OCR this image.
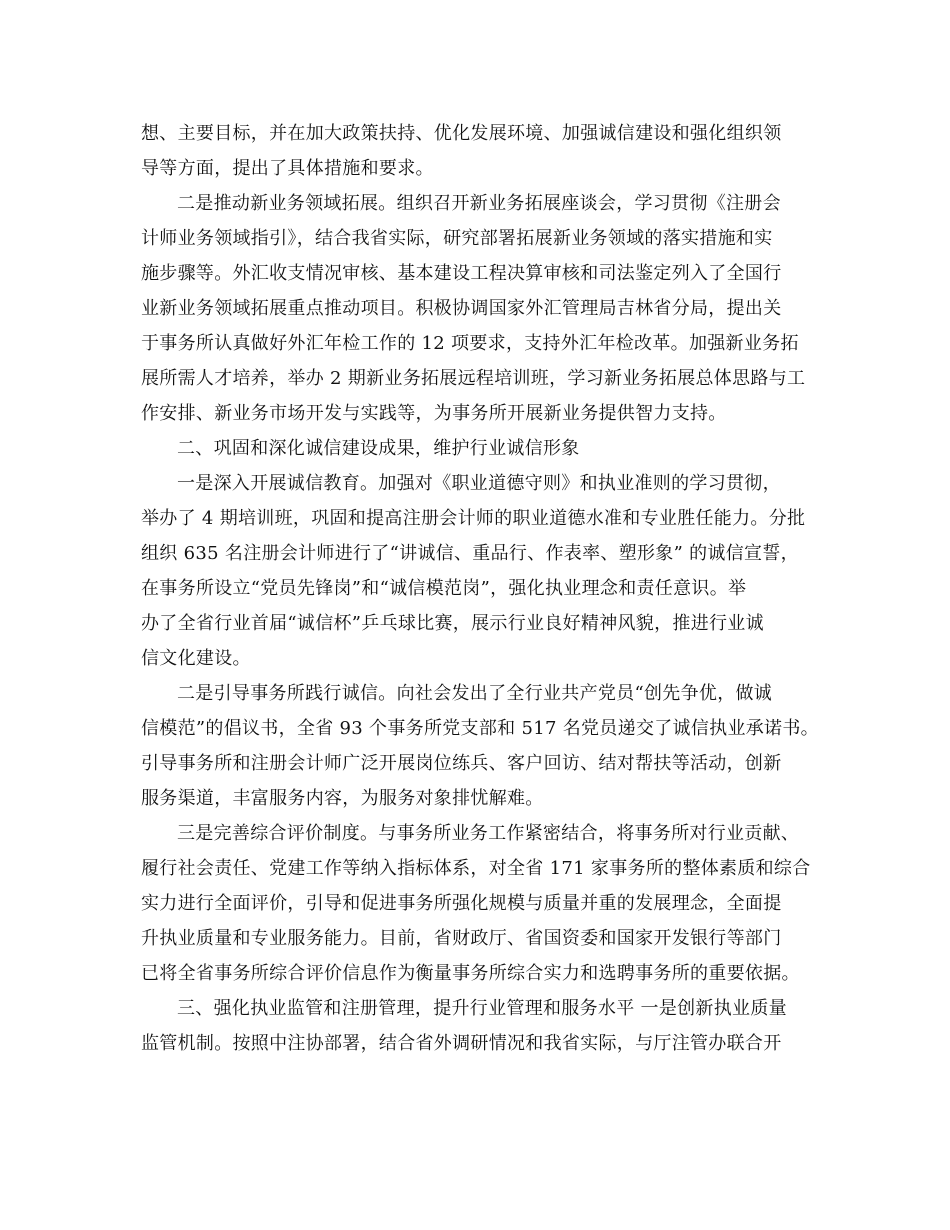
想、主要目标，并在加大政策扶持、优化发展环境、加强诚信建设和强化组织领
导等方面，提出了具体措施和要求。
二是推动新业务领域拓展。组织召开新业务拓展座谈会，学习贯彻《注册会
计师业务领域指引》，结合我省实际，研究部署拓展新业务领域的落实措施和实
施步骤等。外汇收支情况审核、基本建设工程决算审核和司法鉴定列入了全国行
业新业务领域拓展重点推动项目。积极协调国家外汇管理局吉林省分局，提出关
于事务所认真做好外汇年检工作的 12 项要求，支持外汇年检改革。加强新业务拓
展所需人才培养，举办 2 期新业务拓展远程培训班，学习新业务拓展总体思路与工
作安排、新业务市场开发与实践等，为事务所开展新业务提供智力支持。
二、巩固和深化诚信建设成果，维护行业诚信形象
一是深入开展诚信教育。加强对《职业道德守则》和执业准则的学习贯彻，
举办了 4 期培训班，巩固和提高注册会计师的职业道德水准和专业胜任能力。分批
组织 635 名注册会计师进行了“讲诚信、重品行、作表率、塑形象” 的诚信宣誓，
在事务所设立“党员先锋岗”和“诚信模范岗”，强化执业理念和责任意识。举
办了全省行业首届“诚信杯”乒乓球比赛，展示行业良好精神风貌，推进行业诚
信文化建设。
二是引导事务所践行诚信。向社会发出了全行业共产党员“创先争优，做诚
信模范”的倡议书，全省 93 个事务所党支部和 517 名党员递交了诚信执业承诺书。
引导事务所和注册会计师广泛开展岗位练兵、客户回访、结对帮扶等活动，创新
服务渠道，丰富服务内容，为服务对象排忧解难。
三是完善综合评价制度。与事务所业务工作紧密结合，将事务所对行业贡献、
履行社会责任、党建工作等纳入指标体系，对全省 171 家事务所的整体素质和综合
实力进行全面评价，引导和促进事务所强化规模与质量并重的发展理念，全面提
升执业质量和专业服务能力。目前，省财政厅、省国资委和国家开发银行等部门
已将全省事务所综合评价信息作为衡量事务所综合实力和选聘事务所的重要依据。
三、强化执业监管和注册管理，提升行业管理和服务水平 一是创新执业质量
监管机制。按照中注协部署，结合省外调研情况和我省实际，与厅注管办联合开
